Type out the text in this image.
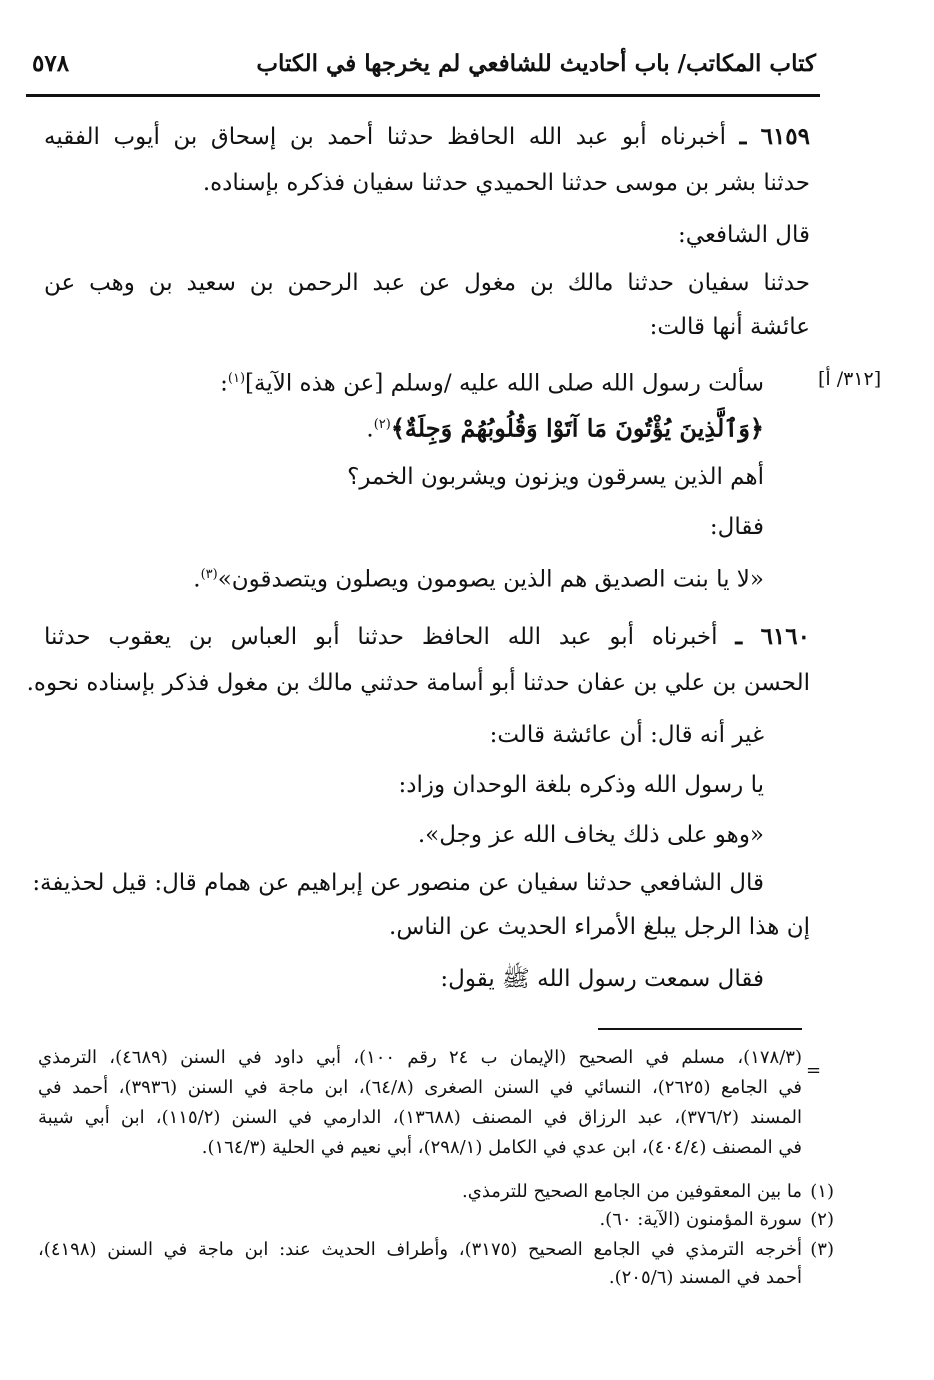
كتاب المكاتب/ باب أحاديث للشافعي لم يخرجها في الكتاب
٥٧٨
[٣١٢/ أ]
٦١٥٩ ـ أخبرناه أبو عبد الله الحافظ حدثنا أحمد بن إسحاق بن أيوب الفقيه
حدثنا بشر بن موسى حدثنا الحميدي حدثنا سفيان فذكره بإسناده.
قال الشافعي:
حدثنا سفيان حدثنا مالك بن مغول عن عبد الرحمن بن سعيد بن وهب عن
عائشة أنها قالت:
سألت رسول الله صلى الله عليه /وسلم [عن هذه الآية]$^{(١)}$:
﴿وَٱلَّذِينَ يُؤْتُونَ مَا آتَوْا وَقُلُوبُهُمْ وَجِلَةٌ﴾$^{(٢)}$.
أهم الذين يسرقون ويزنون ويشربون الخمر؟
فقال:
«لا يا بنت الصديق هم الذين يصومون ويصلون ويتصدقون»$^{(٣)}$.
٦١٦٠ ـ أخبرناه أبو عبد الله الحافظ حدثنا أبو العباس بن يعقوب حدثنا
الحسن بن علي بن عفان حدثنا أبو أسامة حدثني مالك بن مغول فذكر بإسناده نحوه.
غير أنه قال: أن عائشة قالت:
يا رسول الله وذكره بلغة الوحدان وزاد:
«وهو على ذلك يخاف الله عز وجل».
قال الشافعي حدثنا سفيان عن منصور عن إبراهيم عن همام قال: قيل لحذيفة:
إن هذا الرجل يبلغ الأمراء الحديث عن الناس.
فقال سمعت رسول الله ﷺ يقول:
=
(١٧٨/٣)، مسلم في الصحيح (الإيمان ب ٢٤ رقم ١٠٠)، أبي داود في السنن (٤٦٨٩)، الترمذي
في الجامع (٢٦٢٥)، النسائي في السنن الصغرى (٦٤/٨)، ابن ماجة في السنن (٣٩٣٦)، أحمد في
المسند (٣٧٦/٢)، عبد الرزاق في المصنف (١٣٦٨٨)، الدارمي في السنن (١١٥/٢)، ابن أبي شيبة
في المصنف (٤٠٤/٤)، ابن عدي في الكامل (٢٩٨/١)، أبي نعيم في الحلية (١٦٤/٣).
(١)
ما بين المعقوفين من الجامع الصحيح للترمذي.
(٢)
سورة المؤمنون (الآية: ٦٠).
(٣)
أخرجه الترمذي في الجامع الصحيح (٣١٧٥)، وأطراف الحديث عند: ابن ماجة في السنن (٤١٩٨)،
أحمد في المسند (٢٠٥/٦).
